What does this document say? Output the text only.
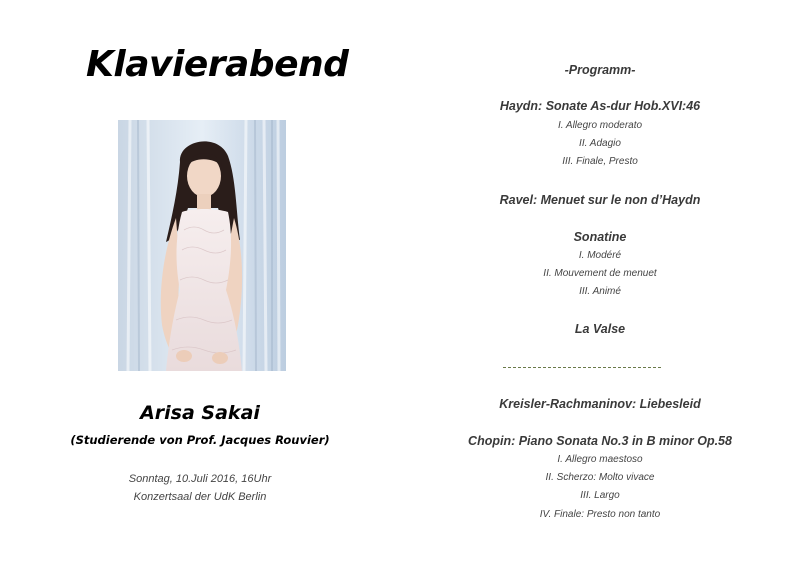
Klavierabend
Arisa Sakai
(Studierende von Prof. Jacques Rouvier)
Sonntag, 10.Juli 2016, 16Uhr
Konzertsaal der UdK Berlin
-Programm-
Haydn: Sonate As-dur Hob.XVI:46
I. Allegro moderato
II. Adagio
III. Finale, Presto
Ravel: Menuet sur le non d’Haydn
Sonatine
I. Modéré
II. Mouvement de menuet
III. Animé
La Valse
Kreisler-Rachmaninov: Liebesleid
Chopin: Piano Sonata No.3 in B minor Op.58
I. Allegro maestoso
II. Scherzo: Molto vivace
III. Largo
IV. Finale: Presto non tanto
